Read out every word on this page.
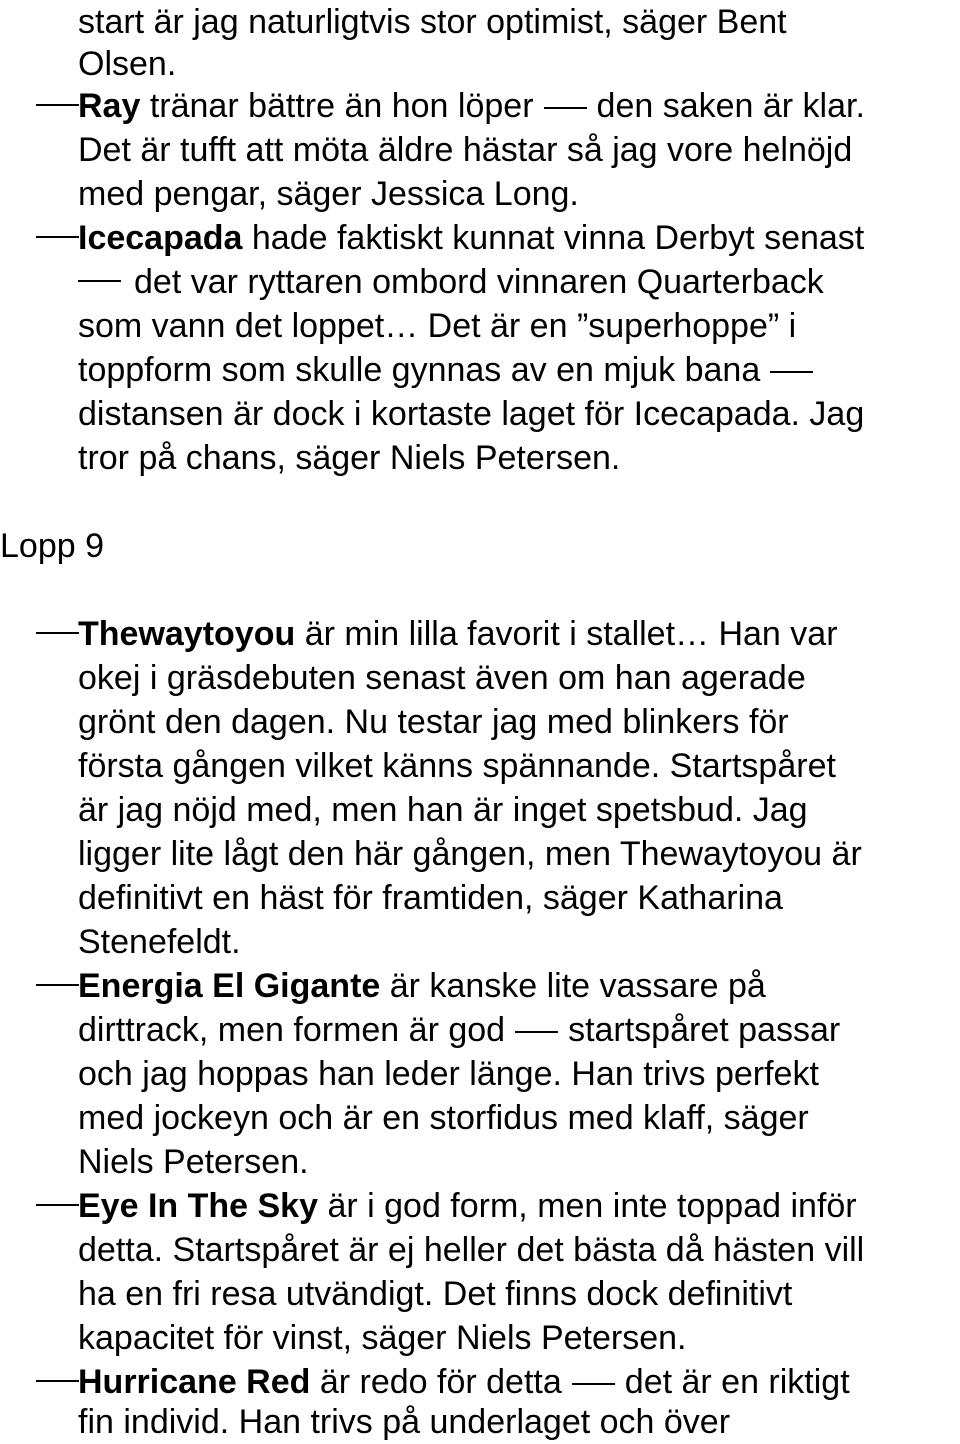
start är jag naturligtvis stor optimist, säger Bent
Olsen.
Ray tränar bättre än hon löper den saken är klar.
Det är tufft att möta äldre hästar så jag vore helnöjd
med pengar, säger Jessica Long.
Icecapada hade faktiskt kunnat vinna Derbyt senast
det var ryttaren ombord vinnaren Quarterback
som vann det loppet… Det är en ”superhoppe” i
toppform som skulle gynnas av en mjuk bana
distansen är dock i kortaste laget för Icecapada. Jag
tror på chans, säger Niels Petersen.
Lopp 9
Thewaytoyou är min lilla favorit i stallet… Han var
okej i gräsdebuten senast även om han agerade
grönt den dagen. Nu testar jag med blinkers för
första gången vilket känns spännande. Startspåret
är jag nöjd med, men han är inget spetsbud. Jag
ligger lite lågt den här gången, men Thewaytoyou är
definitivt en häst för framtiden, säger Katharina
Stenefeldt.
Energia El Gigante är kanske lite vassare på
dirttrack, men formen är god startspåret passar
och jag hoppas han leder länge. Han trivs perfekt
med jockeyn och är en storfidus med klaff, säger
Niels Petersen.
Eye In The Sky är i god form, men inte toppad inför
detta. Startspåret är ej heller det bästa då hästen vill
ha en fri resa utvändigt. Det finns dock definitivt
kapacitet för vinst, säger Niels Petersen.
Hurricane Red är redo för detta det är en riktigt
fin individ. Han trivs på underlaget och över
